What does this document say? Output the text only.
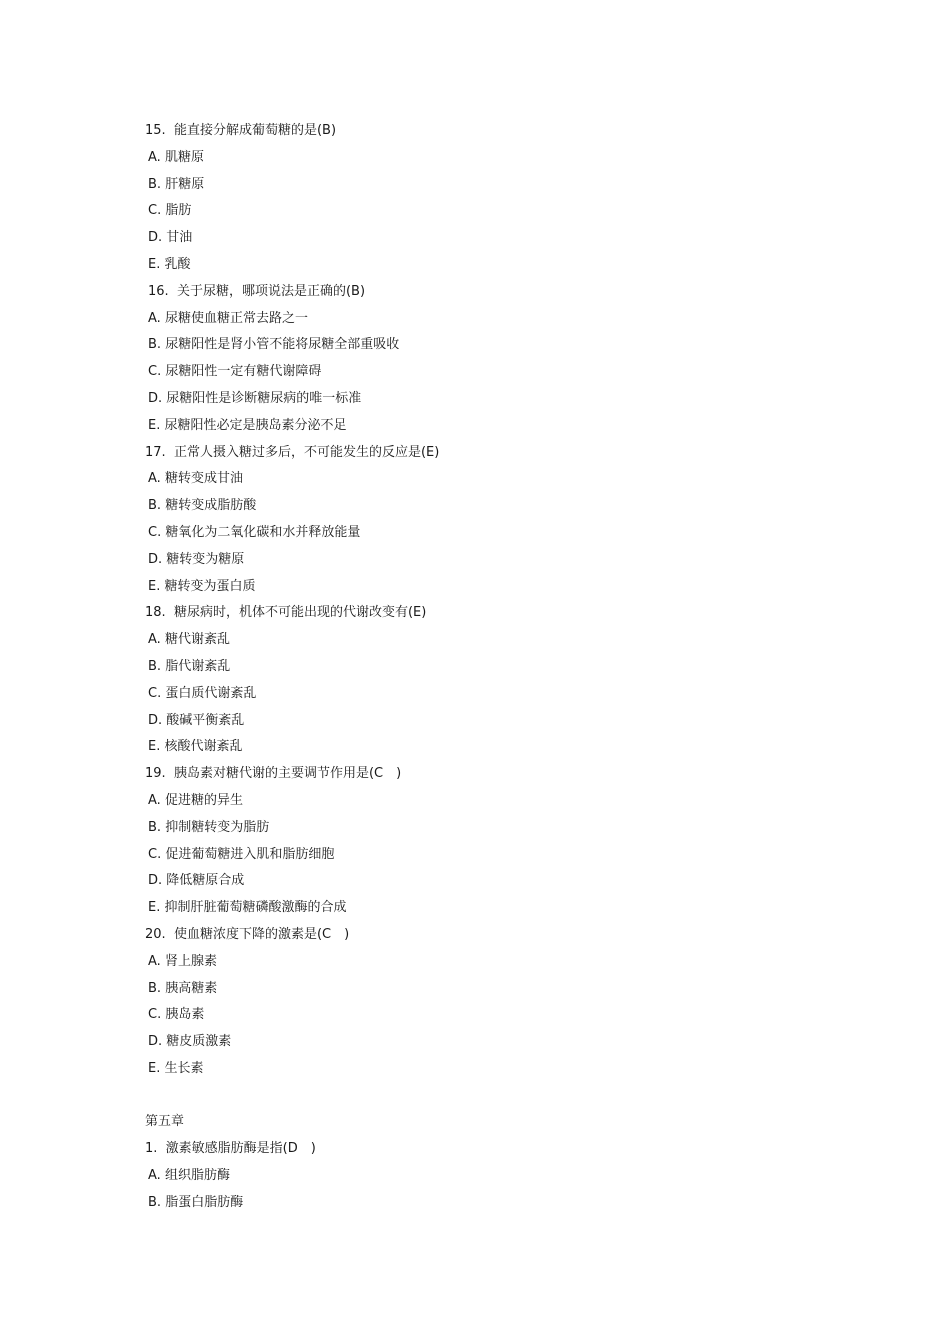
15. 能直接分解成葡萄糖的是(B)
A. 肌糖原
B. 肝糖原
C. 脂肪
D. 甘油
E. 乳酸
16. 关于尿糖，哪项说法是正确的(B)
A. 尿糖使血糖正常去路之一
B. 尿糖阳性是肾小管不能将尿糖全部重吸收
C. 尿糖阳性一定有糖代谢障碍
D. 尿糖阳性是诊断糖尿病的唯一标准
E. 尿糖阳性必定是胰岛素分泌不足
17. 正常人摄入糖过多后，不可能发生的反应是(E)
A. 糖转变成甘油
B. 糖转变成脂肪酸
C. 糖氧化为二氧化碳和水并释放能量
D. 糖转变为糖原
E. 糖转变为蛋白质
18. 糖尿病时，机体不可能出现的代谢改变有(E)
A. 糖代谢紊乱
B. 脂代谢紊乱
C. 蛋白质代谢紊乱
D. 酸碱平衡紊乱
E. 核酸代谢紊乱
19. 胰岛素对糖代谢的主要调节作用是(C　)
A. 促进糖的异生
B. 抑制糖转变为脂肪
C. 促进葡萄糖进入肌和脂肪细胞
D. 降低糖原合成
E. 抑制肝脏葡萄糖磷酸激酶的合成
20. 使血糖浓度下降的激素是(C　)
A. 肾上腺素
B. 胰高糖素
C. 胰岛素
D. 糖皮质激素
E. 生长素
第五章
1. 激素敏感脂肪酶是指(D　)
A. 组织脂肪酶
B. 脂蛋白脂肪酶
